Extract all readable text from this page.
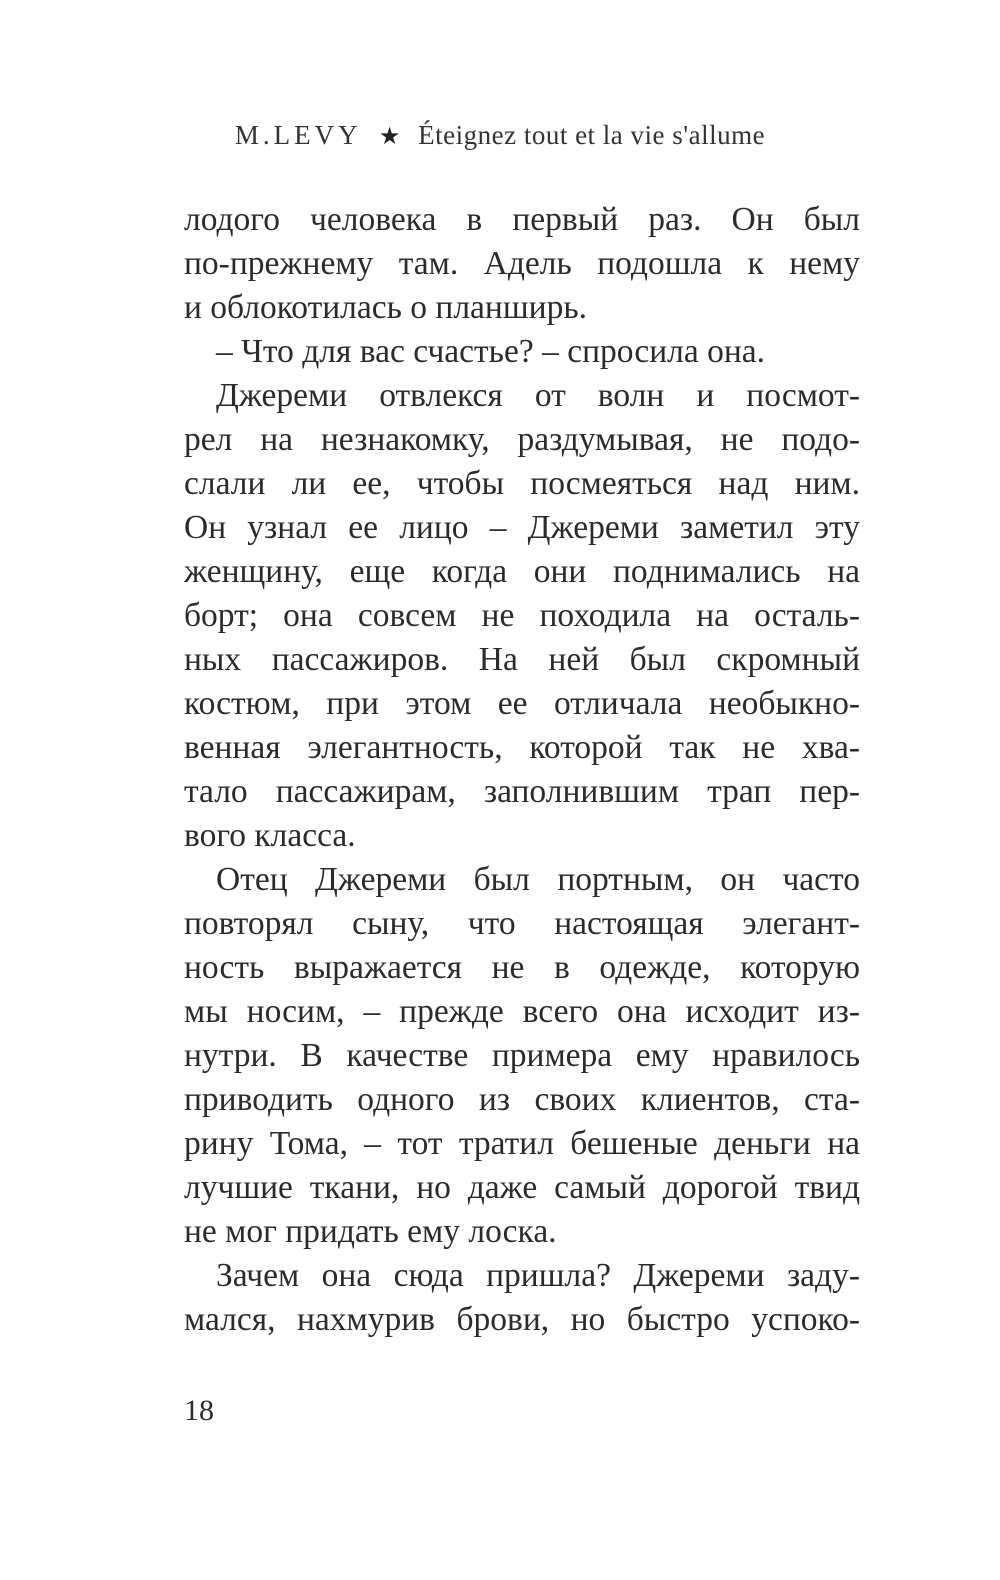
M.LEVY ★ Éteignez tout et la vie s'allume
лодого человека в первый раз. Он был
по-прежнему там. Адель подошла к нему
и облокотилась о планширь.
– Что для вас счастье? – спросила она.
Джереми отвлекся от волн и посмот-
рел на незнакомку, раздумывая, не подо-
слали ли ее, чтобы посмеяться над ним.
Он узнал ее лицо – Джереми заметил эту
женщину, еще когда они поднимались на
борт; она совсем не походила на осталь-
ных пассажиров. На ней был скромный
костюм, при этом ее отличала необыкно-
венная элегантность, которой так не хва-
тало пассажирам, заполнившим трап пер-
вого класса.
Отец Джереми был портным, он часто
повторял сыну, что настоящая элегант-
ность выражается не в одежде, которую
мы носим, – прежде всего она исходит из-
нутри. В качестве примера ему нравилось
приводить одного из своих клиентов, ста-
рину Тома, – тот тратил бешеные деньги на
лучшие ткани, но даже самый дорогой твид
не мог придать ему лоска.
Зачем она сюда пришла? Джереми заду-
мался, нахмурив брови, но быстро успоко-
18
